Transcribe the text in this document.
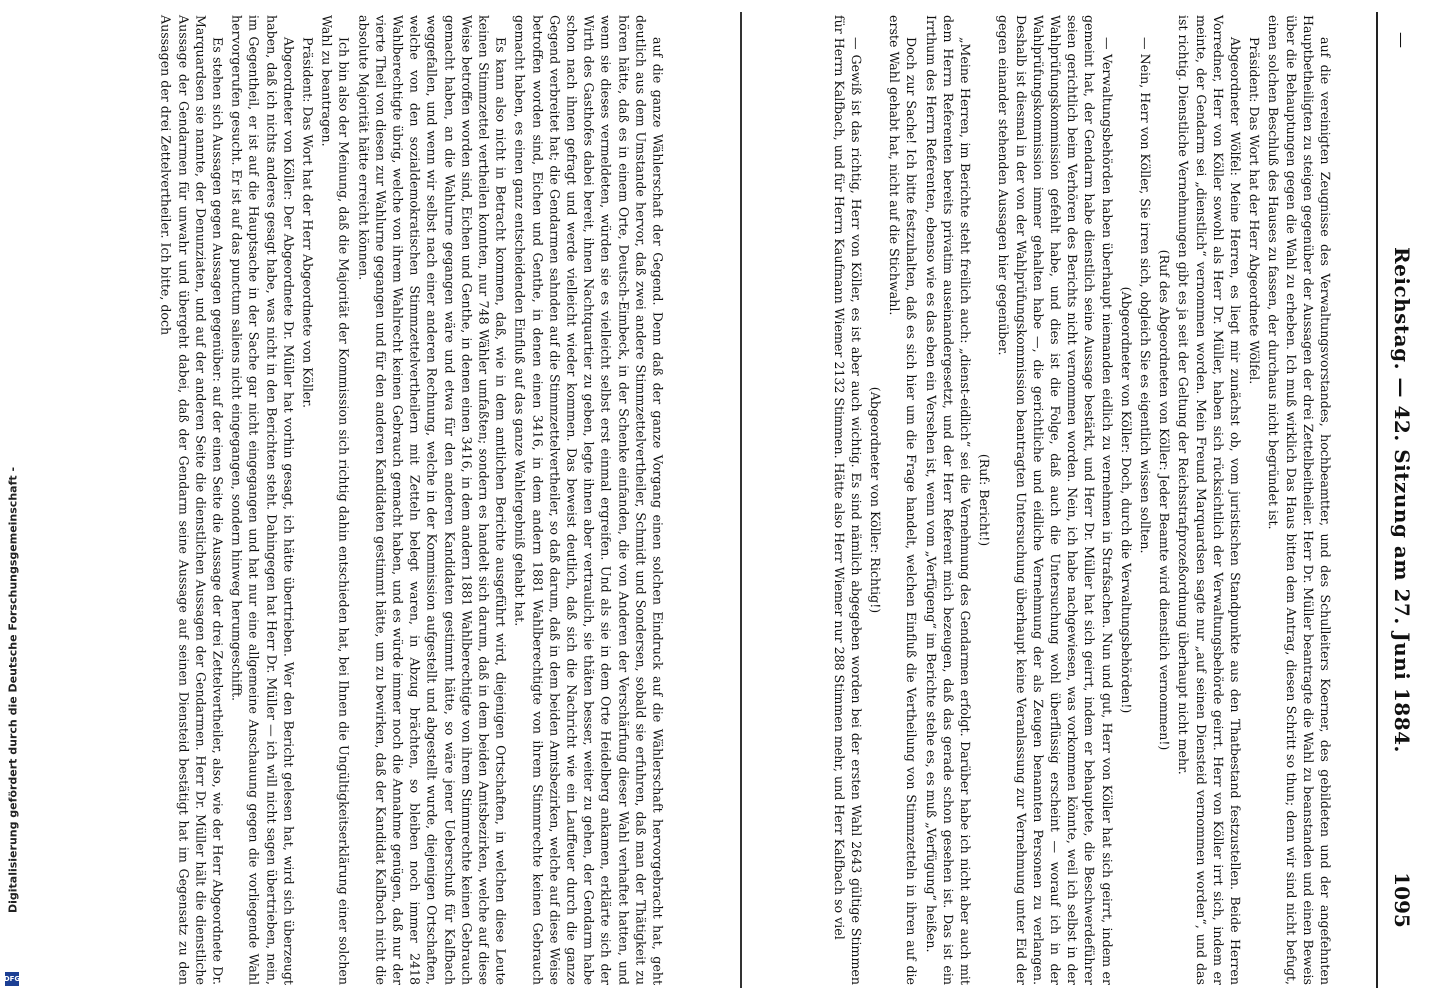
—
Reichstag. — 42. Sitzung am 27. Juni 1884.
1095

auf die vereinigten Zeugnisse des Verwaltungsvorstandes, hochbeamtter, und des Schulleiters Koerner, des gebildeten und der angefehnten Hauptbetheiligten zu steigen gegenüber der Aussagen der drei Zettelbeitheiler. Herr Dr. Müller beantragte die Wahl zu beanstanden und einen Beweis über die Behauptungen gegen die Wahl zu erheben. Ich muß wirklich Das Haus bitten dem Antrag, diesen Schritt so thun; denn wir sind nicht befugt, einen solchen Beschluß des Hauses zu fassen, der durchaus nicht begründet ist.

Präsident: Das Wort hat der Herr Abgeordnete Wölfel.

Abgeordneter Wölfel: Meine Herren, es liegt mir zunächst ob, vom juristischen Standpunkte aus den Thatbestand festzustellen. Beide Herren Vorredner, Herr von Köller sowohl als Herr Dr. Müller, haben sich rücksichtlich der Verwaltungsbehörde geirrt. Herr von Köller irrt sich, indem er meinte, der Gendarm sei „dienstlich“ vernommen worden. Mein Freund Marquardsen sagte nur „auf seinen Diensteid vernommen worden“, und das ist richtig. Dienstliche Vernehmungen gibt es ja seit der Geltung der Reichsstrafprozeßordnung überhaupt nicht mehr.

(Ruf des Abgeordneten von Köller: Jeder Beamte wird dienstlich vernommen!)

— Nein, Herr von Köller, Sie irren sich, obgleich Sie es eigentlich wissen sollten.

(Abgeordneter von Köller: Doch, durch die Verwaltungsbehörden!)

— Verwaltungsbehörden haben überhaupt niemanden eidlich zu vernehmen in Strafsachen. Nun und gut, Herr von Köller hat sich geirrt, indem er gemeint hat, der Gendarm habe dienstlich seine Aussage bestärkt, und Herr Dr. Müller hat sich geirrt, indem er behauptete, die Beschwerdeführer seien gerichtlich beim Verhören des Berichts nicht vernommen worden. Nein, ich habe nachgewiesen, was vorkommen könnte, weil ich selbst in der Wahlprüfungskommission gefehlt habe, und dies ist die Folge, daß auch die Untersuchung wohl überflüssig erscheint — worauf ich in der Wahlprüfungskommission immer gehalten habe —, die gerichtliche und eidliche Vernehmung der als Zeugen benannten Personen zu verlangen. Deshalb ist diesmal in der von der Wahlprüfungskommission beantragten Untersuchung überhaupt keine Veranlassung zur Vernehmung unter Eid der gegen einander stehenden Aussagen hier gegenüber.

(Ruf: Bericht!)

„Meine Herren, im Berichte steht freilich auch: „dienst-eidlich“ sei die Vernehmung des Gendarmen erfolgt. Darüber habe ich nicht aber auch mit dem Herrn Referenten bereits privatim auseinandergesetzt, und der Herr Referent mich bezeugen, daß das gerade schon gesehen ist. Das ist ein Irrthum des Herrn Referenten, ebenso wie es das eben ein Versehen ist, wenn vom „Verfügeng“ im Berichte stehe es, es muß „Verfügung“ heißen.

Doch zur Sache! Ich bitte festzuhalten, daß es sich hier um die Frage handelt, welchen Einfluß die Vertheilung von Stimmzetteln in ihren auf die erste Wahl gehabt hat, nicht auf die Stichwahl.

(Abgeordneter von Köller: Richtig!)

— Gewiß ist das richtig, Herr von Köller, es ist aber auch wichtig. Es sind nämlich abgegeben worden bei der ersten Wahl 2643 gültige Stimmen für Herrn Kalfbach, und für Herrn Kaufmann Wiemer 2132 Stimmen. Hätte also Herr Wiemer nur 288 Stimmen mehr, und Herr Kalfbach so viel

auf die ganze Wählerschaft der Gegend. Denn daß der ganze Vorgang einen solchen Eindruck auf die Wählerschaft hervorgebracht hat, geht deutlich aus dem Umstande hervor, daß zwei andere Stimmzettelvertheiler, Schmidt und Sondersen, sobald sie erfuhren, daß man der Thätigkeit zu hören hätte, daß es in einem Orte, Deutsch-Eimbeck, in der Schenke einfanden, die von Anderen der Verschärfung dieser Wahl verhaftet hatten, und wenn sie dieses vermeldeten, würden sie es vielleicht selbst erst einmal ergreifen. Und als sie in dem Orte Heidelberg ankamen, erklärte sich der Wirth des Gasthofes dabei bereit, ihnen Nachtquartier zu geben, legte ihnen aber vertraulich, sie thäten besser, weiter zu gehen, der Gendarm habe schon nach ihnen gefragt und werde vielleicht wieder kommen. Das beweist deutlich, daß sich die Nachricht wie ein Lauffeuer durch die ganze Gegend verbreitet hat; die Gendarmen sahnden auf die Stimmzettelvertheiler, so daß darum, daß in dem beiden Amtsbezirken, welche auf diese Weise betroffen worden sind, Eichen und Genthe, in denen einen 3416, in dem andern 1881 Wahlberechtigte von ihrem Stimmrechte keinen Gebrauch gemacht haben, es einen ganz entscheidenden Einfluß auf das ganze Wahlergebniß gehabt hat.

Es kann also nicht in Betracht kommen, daß, wie in dem amtlichen Berichte ausgeführt wird, diejenigen Ortschaften, in welchen diese Leute keinen Stimmzettel vertheilen konnten, nur 748 Wähler umfaßten; sondern es handelt sich darum, daß in dem beiden Amtsbezirken, welche auf diese Weise betroffen worden sind, Eichen und Genthe, in denen einen 3416, in dem andern 1881 Wahlberechtigte von ihrem Stimmrechte keinen Gebrauch gemacht haben, an die Wahlurne gegangen wäre und etwa für den anderen Kandidaten gestimmt hätte, so wäre jener Ueberschuß für Kalfbach weggefallen, und wenn wir selbst nach einer anderen Rechnung, welche in der Kommission aufgestellt und abgestellt wurde, diejenigen Ortschaften, welche von den sozialdemokratischen Stimmzettelvertheilern mit Zetteln belegt waren, in Abzug brächten, so bleiben noch immer 2418 Wahlberechtigte übrig, welche von ihrem Wahlrecht keinen Gebrauch gemacht haben, und es würde immer noch die Annahme genügen, daß nur der vierte Theil von diesen zur Wahlurne gegangen und für den anderen Kandidaten gestimmt hätte, um zu bewirken, daß der Kandidat Kalfbach nicht die absolute Majorität hätte erreicht können.

Ich bin also der Meinung, daß die Majorität der Kommission sich richtig dahin entschieden hat, bei Ihnen die Ungültigkeitserklärung einer solchen Wahl zu beantragen.

Präsident: Das Wort hat der Herr Abgeordnete von Köller.

Abgeordneter von Köller: Der Abgeordnete Dr. Müller hat vorhin gesagt, ich hätte übertrieben. Wer den Bericht gelesen hat, wird sich überzeugt haben, daß ich nichts anderes gesagt habe, was nicht in den Berichten steht. Dahingegen hat Herr Dr. Müller — ich will nicht sagen übertrieben, nein, im Gegentheil, er ist auf die Hauptsache in der Sache gar nicht eingegangen und hat nur eine allgemeine Anschauung gegen die vorliegende Wahl hervorgerufen gesucht. Er ist auf das punctum saliens nicht eingegangen, sondern hinweg herumgeschifft.

Es stehen sich Aussagen gegen Aussagen gegenüber: auf der einen Seite die Aussage der drei Zettelvertheiler, also, wie der Herr Abgeordnete Dr. Marquardsen sie nannte, der Denunziaten, und auf der anderen Seite die dienstlichen Aussagen der Gendarmen. Herr Dr. Müller hält die dienstliche Aussage der Gendarmen für unwahr und übergeht dabei, daß der Gendarm seine Aussage auf seinen Diensteid bestätigt hat im Gegensatz zu den Aussagen der drei Zettelvertheiler. Ich bitte, doch

Digitalisierung gefördert durch die Deutsche Forschungsgemeinschaft -
DFG
